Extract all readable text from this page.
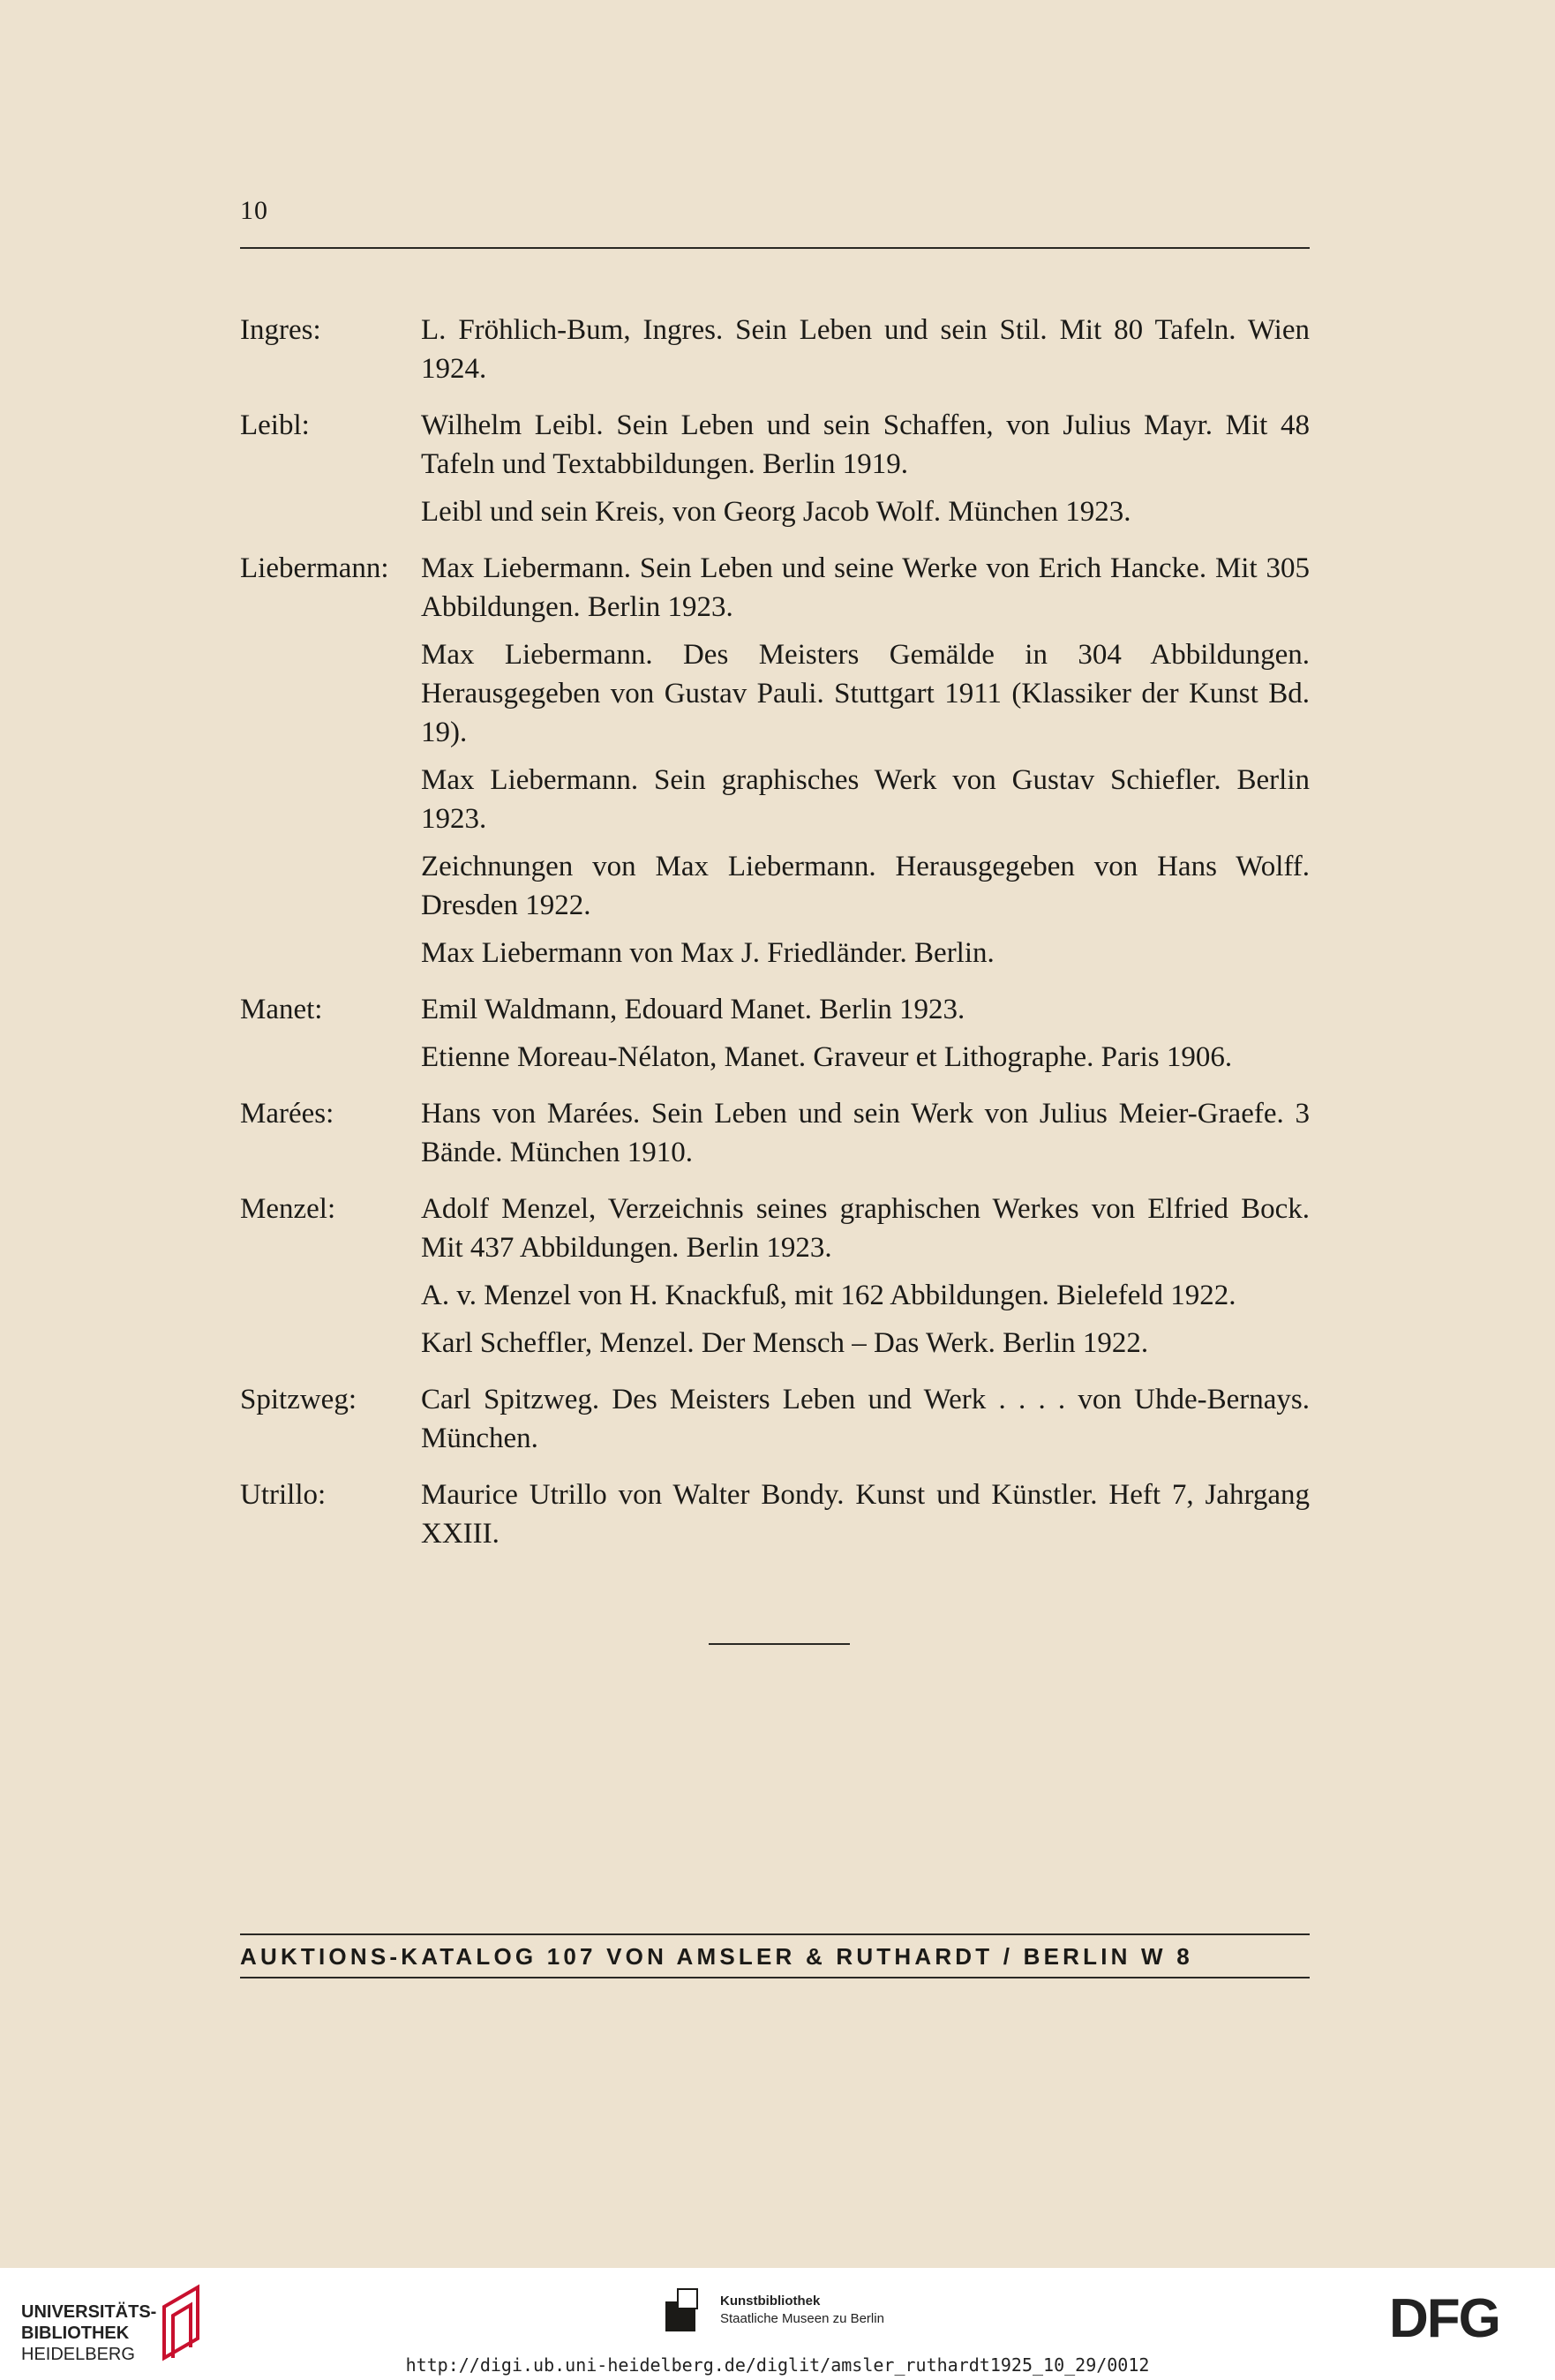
10
Ingres:	L. Fröhlich-Bum, Ingres. Sein Leben und sein Stil. Mit 80 Tafeln. Wien 1924.
Leibl:	Wilhelm Leibl. Sein Leben und sein Schaffen, von Julius Mayr. Mit 48 Tafeln und Textabbildungen. Berlin 1919.
Leibl und sein Kreis, von Georg Jacob Wolf. München 1923.
Liebermann:	Max Liebermann. Sein Leben und seine Werke von Erich Hancke. Mit 305 Abbildungen. Berlin 1923.
Max Liebermann. Des Meisters Gemälde in 304 Abbildungen. Herausgegeben von Gustav Pauli. Stuttgart 1911 (Klassiker der Kunst Bd. 19).
Max Liebermann. Sein graphisches Werk von Gustav Schiefler. Berlin 1923.
Zeichnungen von Max Liebermann. Herausgegeben von Hans Wolff. Dresden 1922.
Max Liebermann von Max J. Friedländer. Berlin.
Manet:	Emil Waldmann, Edouard Manet. Berlin 1923.
Etienne Moreau-Nélaton, Manet. Graveur et Lithographe. Paris 1906.
Marées:	Hans von Marées. Sein Leben und sein Werk von Julius Meier-Graefe. 3 Bände. München 1910.
Menzel:	Adolf Menzel, Verzeichnis seines graphischen Werkes von Elfried Bock. Mit 437 Abbildungen. Berlin 1923.
A. v. Menzel von H. Knackfuß, mit 162 Abbildungen. Bielefeld 1922.
Karl Scheffler, Menzel. Der Mensch – Das Werk. Berlin 1922.
Spitzweg:	Carl Spitzweg. Des Meisters Leben und Werk . . . . von Uhde-Bernays. München.
Utrillo:	Maurice Utrillo von Walter Bondy. Kunst und Künstler. Heft 7, Jahrgang XXIII.
AUKTIONS-KATALOG 107 VON AMSLER & RUTHARDT / BERLIN W 8
UNIVERSITÄTS-
BIBLIOTHEK
HEIDELBERG
Kunstbibliothek
Staatliche Museen zu Berlin	DFG
http://digi.ub.uni-heidelberg.de/diglit/amsler_ruthardt1925_10_29/0012
